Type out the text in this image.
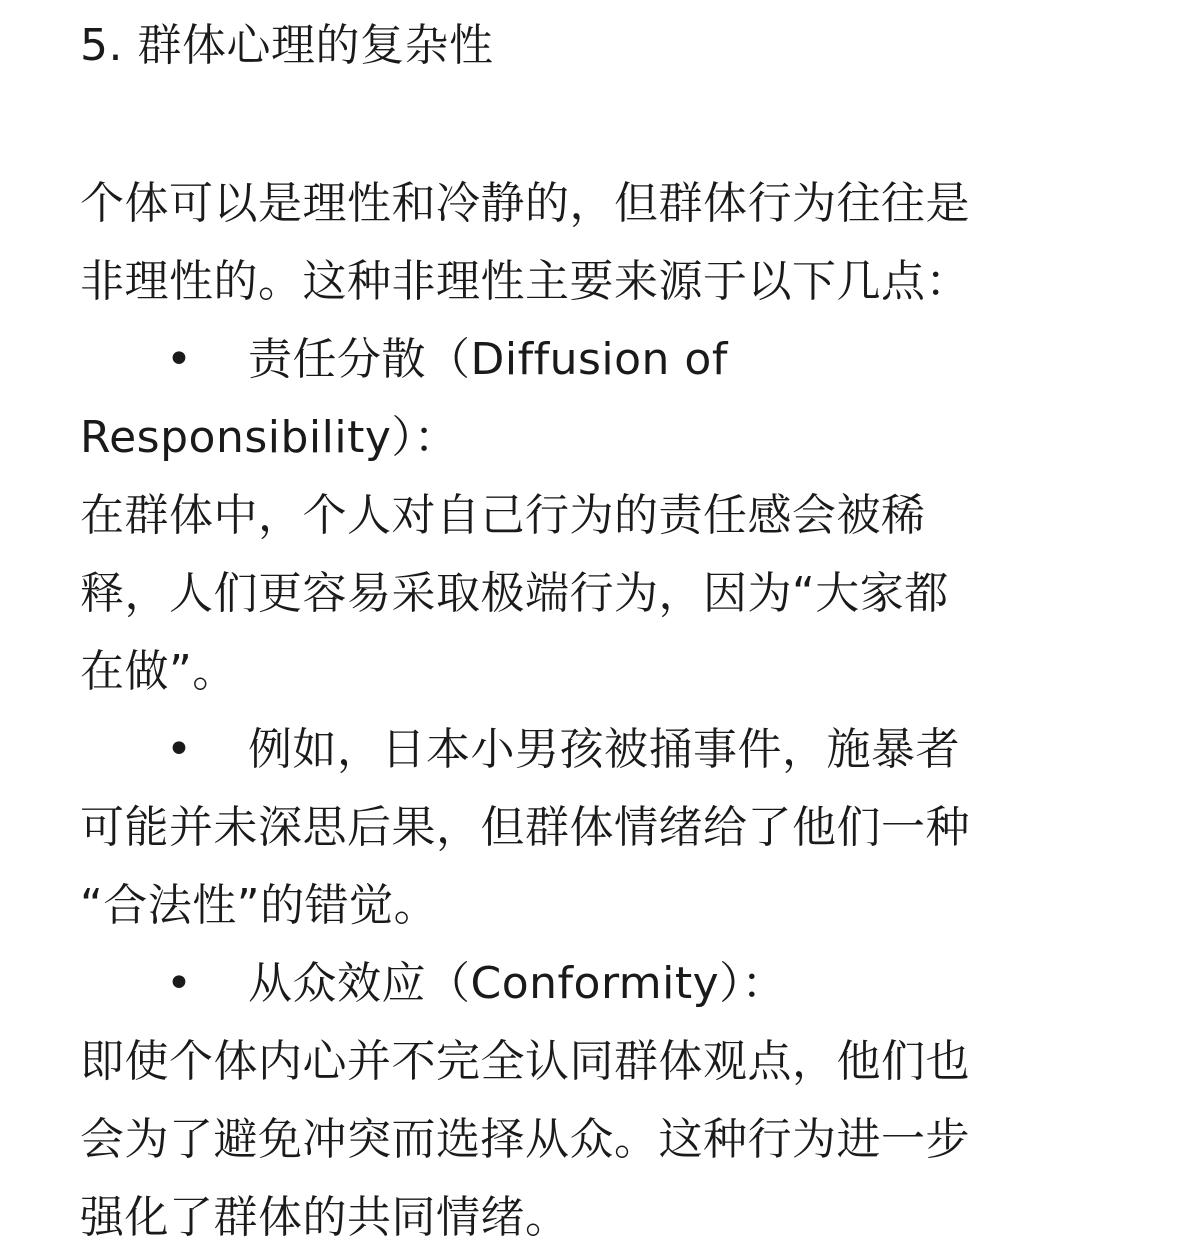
5. 群体心理的复杂性
个体可以是理性和冷静的，但群体行为往往是
非理性的。这种非理性主要来源于以下几点：
• 责任分散（Diffusion of
Responsibility）：
在群体中，个人对自己行为的责任感会被稀
释，人们更容易采取极端行为，因为“大家都
在做”。
• 例如，日本小男孩被捅事件，施暴者
可能并未深思后果，但群体情绪给了他们一种
“合法性”的错觉。
• 从众效应（Conformity）：
即使个体内心并不完全认同群体观点，他们也
会为了避免冲突而选择从众。这种行为进一步
强化了群体的共同情绪。
